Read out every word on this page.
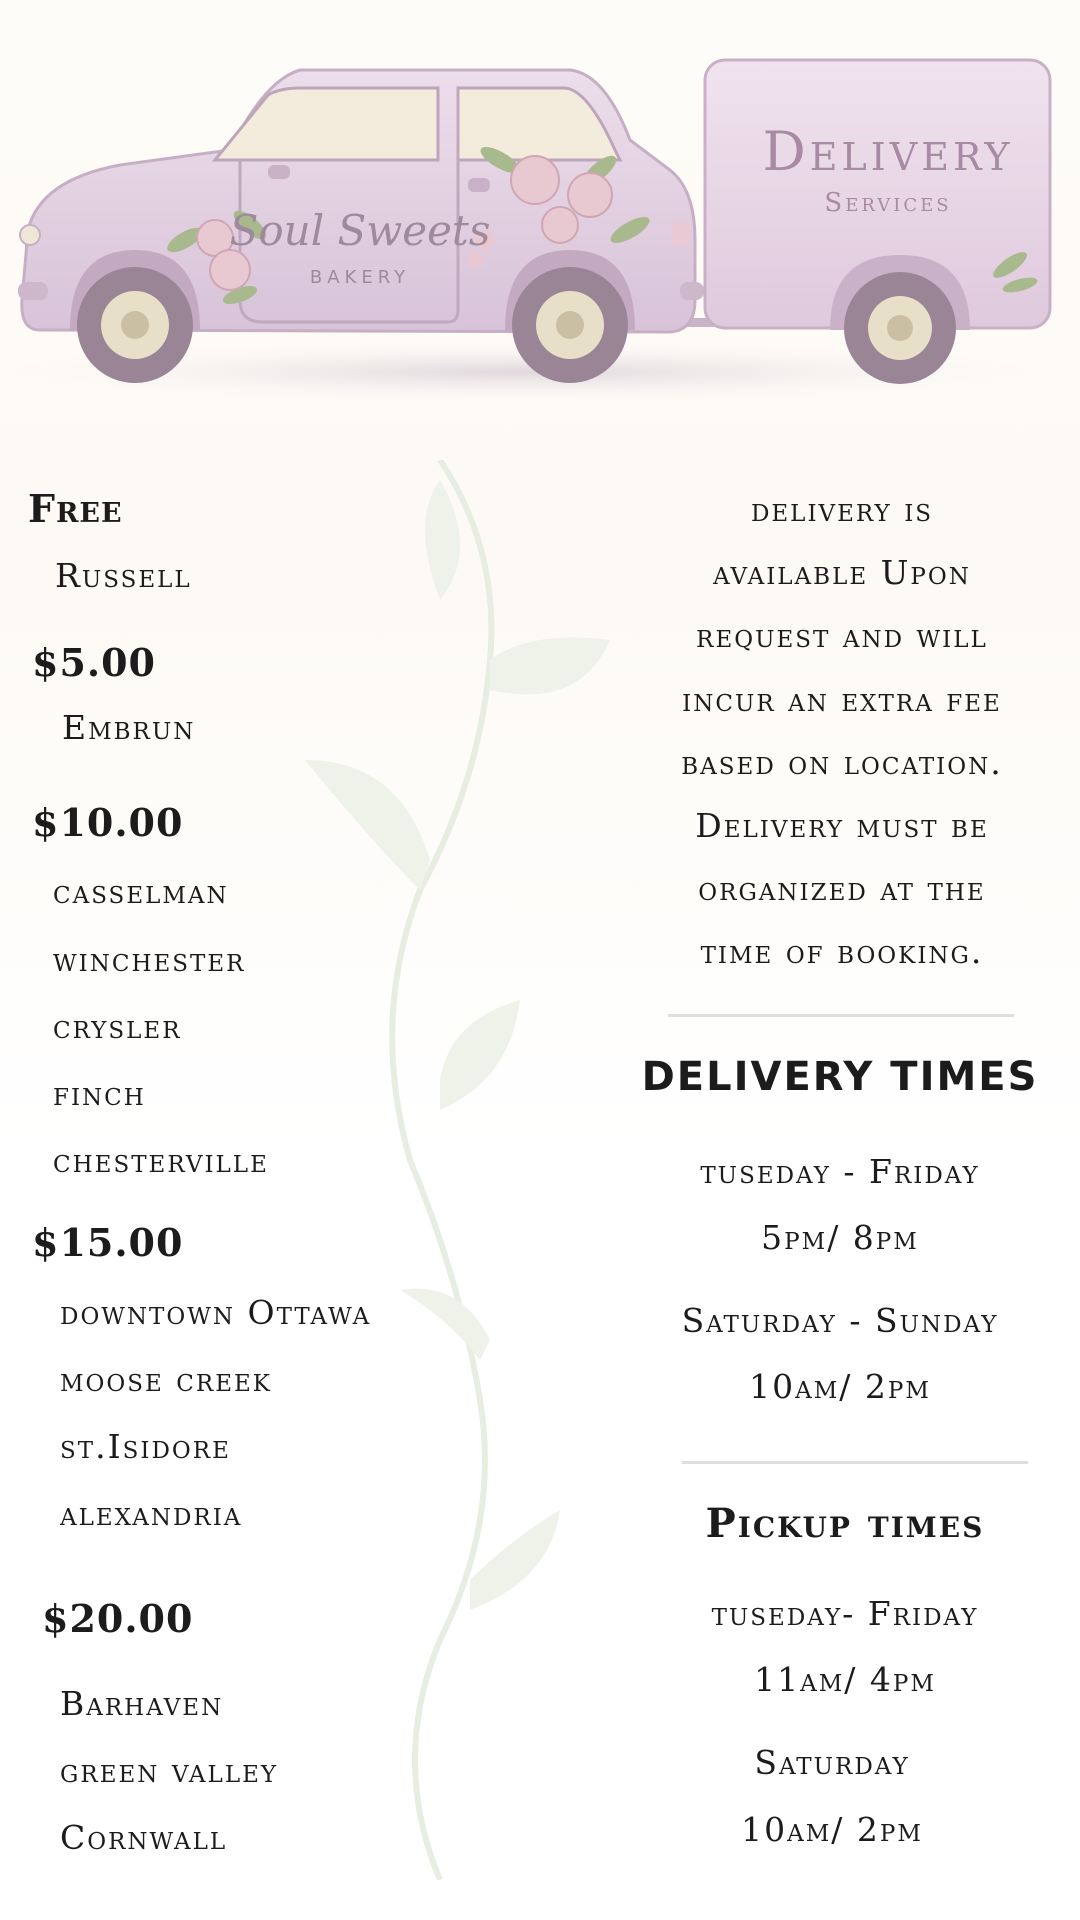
Soul Sweets
BAKERY
Delivery
Services
Free
Russell
$5.00
Embrun
$10.00
casselman
winchester
crysler
finch
chesterville
$15.00
downtown Ottawa
moose creek
st.Isidore
alexandria
$20.00
Barhaven
green valley
Cornwall
delivery is
available Upon
request and will
incur an extra fee
based on location.
Delivery must be
organized at the
time of booking.
DELIVERY TIMES
tuseday - Friday
5pm/ 8pm
Saturday - Sunday
10am/ 2pm
Pickup times
tuseday- Friday
11am/ 4pm
Saturday
10am/ 2pm
